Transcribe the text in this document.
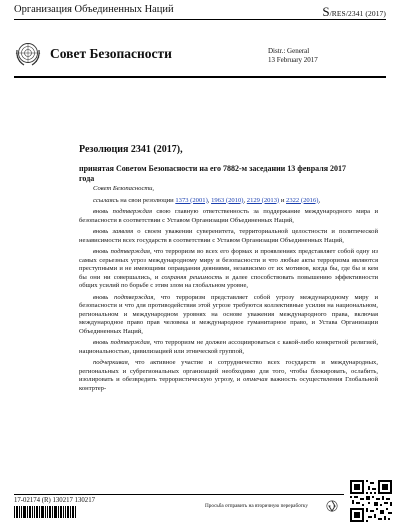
Организация Объединенных Наций	S/RES/2341 (2017)
Совет Безопасности	Distr.: General
13 February 2017
Резолюция 2341 (2017),
принятая Советом Безопасности на его 7882-м заседании 13 февраля 2017 года

Совет Безопасности,

ссылаясь на свои резолюции 1373 (2001), 1963 (2010), 2129 (2013) и 2322 (2016),

вновь подтверждая свою главную ответственность за поддержание международного мира и безопасности в соответствии с Уставом Организации Объединенных Наций,

вновь заявляя о своем уважении суверенитета, территориальной целостности и политической независимости всех государств в соответствии с Уставом Организации Объединенных Наций,

вновь подтверждая, что терроризм во всех его формах и проявлениях представляет собой одну из самых серьезных угроз международному миру и безопасности и что любые акты терроризма являются преступными и не имеющими оправдания деяниями, независимо от их мотивов, когда бы, где бы и кем бы они ни совершались, и сохраняя решимость и далее способствовать повышению эффективности общих усилий по борьбе с этим злом на глобальном уровне,

вновь подтверждая, что терроризм представляет собой угрозу международному миру и безопасности и что для противодействия этой угрозе требуются коллективные усилия на национальном, региональном и международном уровнях на основе уважения международного права, включая международное право прав человека и международное гуманитарное право, и Устава Организации Объединенных Наций,

вновь подтверждая, что терроризм не должен ассоциироваться с какой-либо конкретной религией, национальностью, цивилизацией или этнической группой,

подчеркивая, что активное участие и сотрудничество всех государств и международных, региональных и субрегиональных организаций необходимо для того, чтобы блокировать, ослабить, изолировать и обезвредить террористическую угрозу, и отмечая важность осуществления Глобальной контртер-

17-02174 (R) 130217 130217
Просьба отправить на вторичную переработку
